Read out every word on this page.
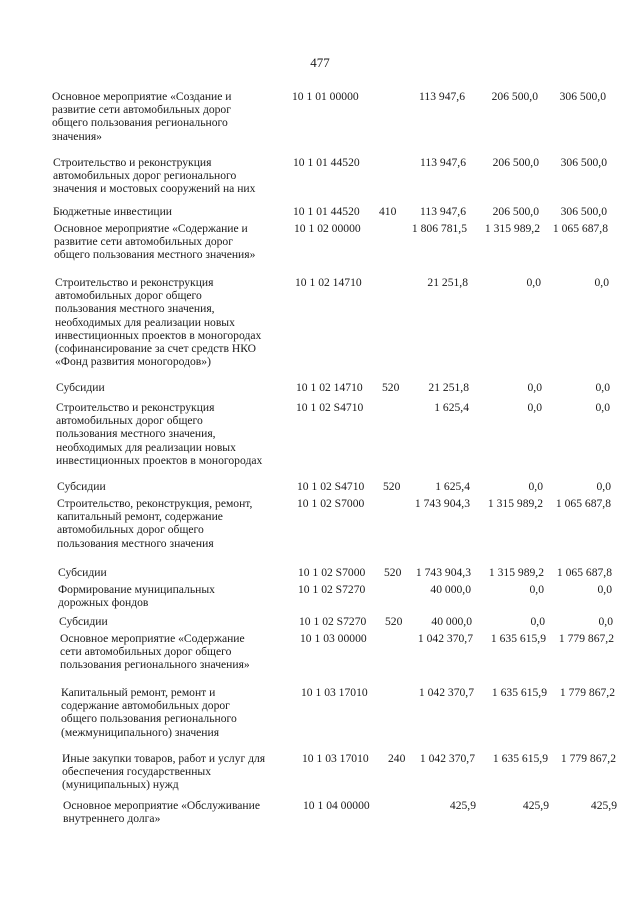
477
Основное мероприятие «Создание и
развитие сети автомобильных дорог
общего пользования регионального
значения»
10 1 01 00000	113 947,6	206 500,0	306 500,0
Строительство и реконструкция
автомобильных дорог регионального
значения и мостовых сооружений на них
10 1 01 44520	113 947,6	206 500,0	306 500,0
Бюджетные инвестиции	10 1 01 44520 410	113 947,6	206 500,0	306 500,0
Основное мероприятие «Содержание и
развитие сети автомобильных дорог
общего пользования местного значения»
10 1 02 00000	1 806 781,5	1 315 989,2	1 065 687,8
Строительство и реконструкция
автомобильных дорог общего
пользования местного значения,
необходимых для реализации новых
инвестиционных проектов в моногородах
(софинансирование за счет средств НКО
«Фонд развития моногородов»)
10 1 02 14710	21 251,8	0,0	0,0
Субсидии	10 1 02 14710 520	21 251,8	0,0	0,0
Строительство и реконструкция
автомобильных дорог общего
пользования местного значения,
необходимых для реализации новых
инвестиционных проектов в моногородах
10 1 02 S4710	1 625,4	0,0	0,0
Субсидии	10 1 02 S4710 520	1 625,4	0,0	0,0
Строительство, реконструкция, ремонт,
капитальный ремонт, содержание
автомобильных дорог общего
пользования местного значения
10 1 02 S7000	1 743 904,3	1 315 989,2	1 065 687,8
Субсидии	10 1 02 S7000 520	1 743 904,3	1 315 989,2	1 065 687,8
Формирование муниципальных
дорожных фондов
10 1 02 S7270	40 000,0	0,0	0,0
Субсидии	10 1 02 S7270 520	40 000,0	0,0	0,0
Основное мероприятие «Содержание
сети автомобильных дорог общего
пользования регионального значения»
10 1 03 00000	1 042 370,7	1 635 615,9	1 779 867,2
Капитальный ремонт, ремонт и
содержание автомобильных дорог
общего пользования регионального
(межмуниципального) значения
10 1 03 17010	1 042 370,7	1 635 615,9	1 779 867,2
Иные закупки товаров, работ и услуг для
обеспечения государственных
(муниципальных) нужд
10 1 03 17010 240	1 042 370,7	1 635 615,9	1 779 867,2
Основное мероприятие «Обслуживание
внутреннего долга»
10 1 04 00000	425,9	425,9	425,9
